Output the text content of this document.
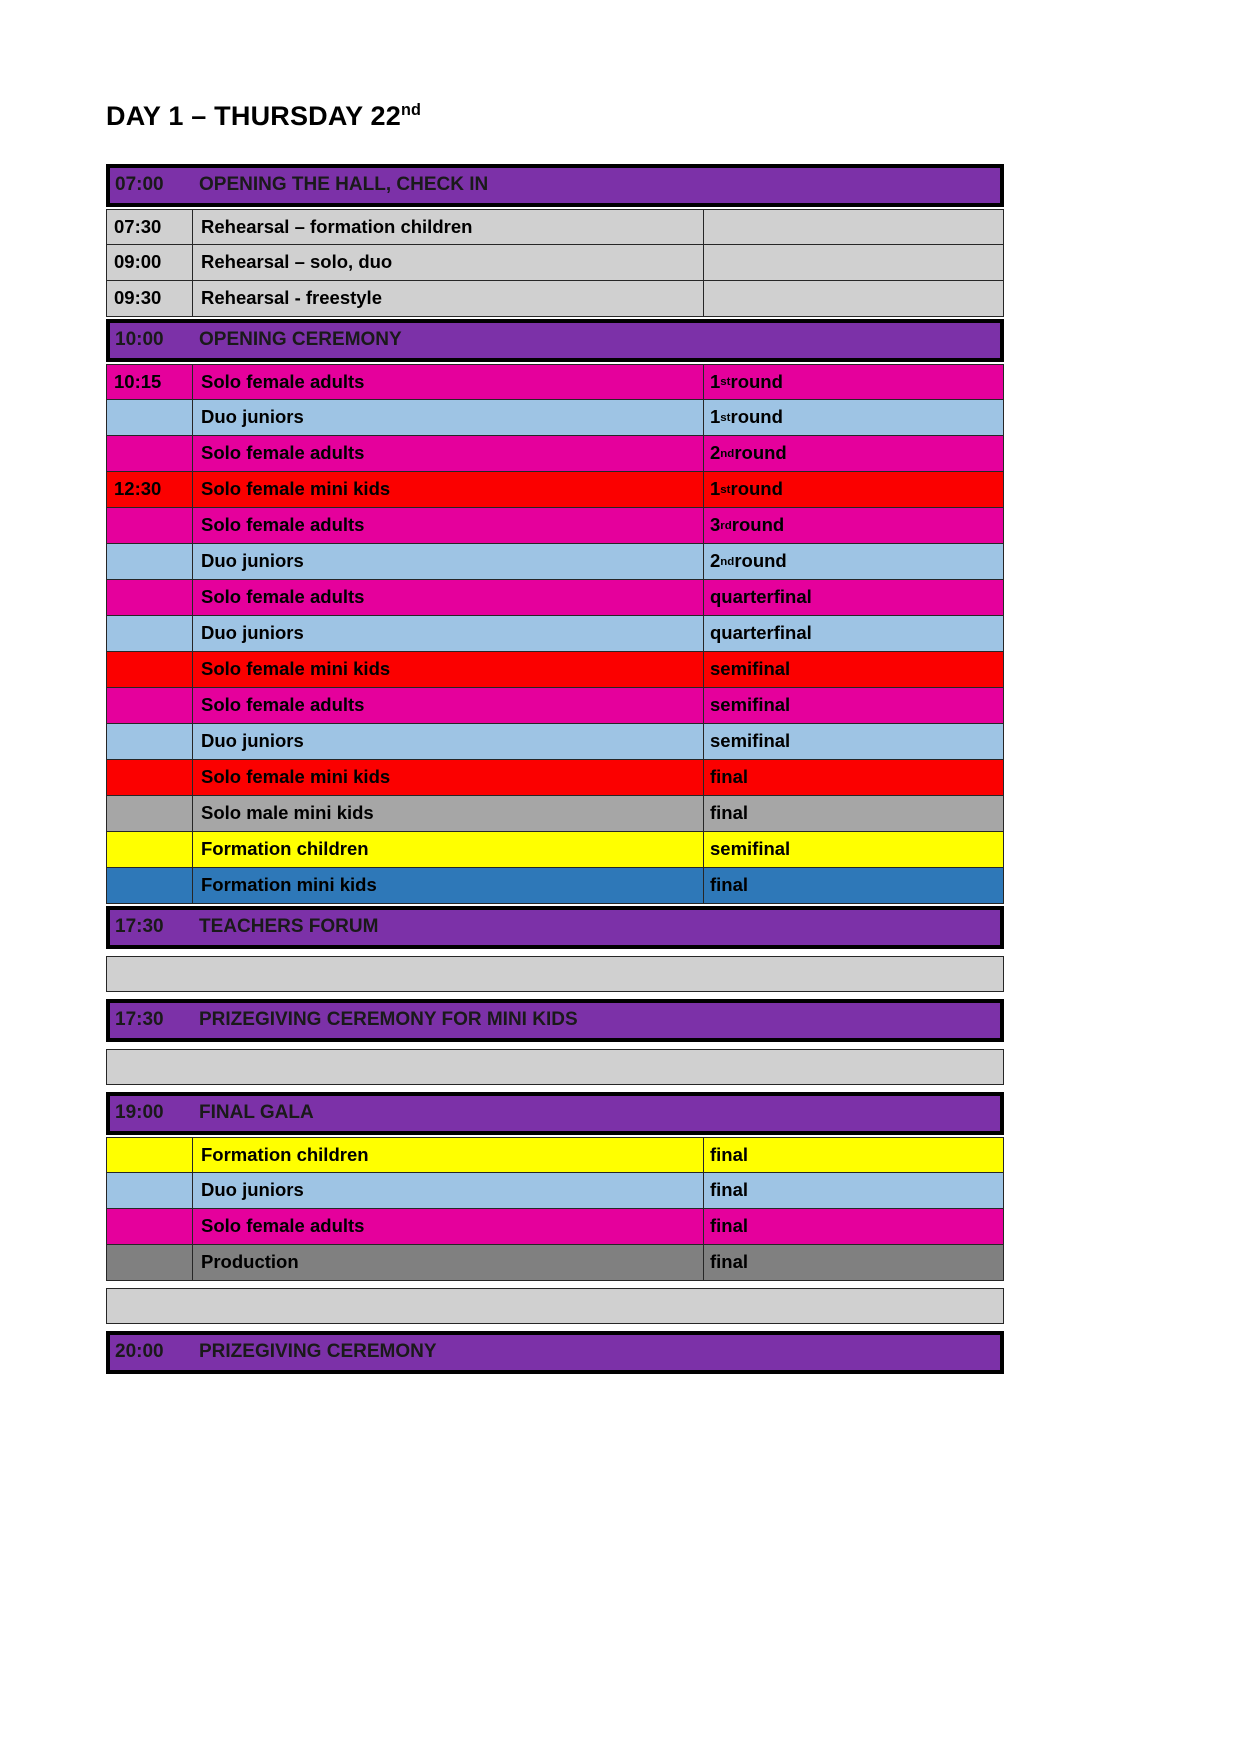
DAY 1 – THURSDAY 22nd
07:00	OPENING THE HALL, CHECK IN
07:30	Rehearsal – formation children
09:00	Rehearsal – solo, duo
09:30	Rehearsal - freestyle
10:00	OPENING CEREMONY
10:15	Solo female adults	1 st round
Duo juniors	1 st round
Solo female adults	2 nd round
12:30	Solo female mini kids	1 st round
Solo female adults	3 rd round
Duo juniors	2 nd round
Solo female adults	quarterfinal
Duo juniors	quarterfinal
Solo female mini kids	semifinal
Solo female adults	semifinal
Duo juniors	semifinal
Solo female mini kids	final
Solo male mini kids	final
Formation children	semifinal
Formation mini kids	final
17:30	TEACHERS FORUM
17:30	PRIZEGIVING CEREMONY FOR MINI KIDS
19:00	FINAL GALA
Formation children	final
Duo juniors	final
Solo female adults	final
Production	final
20:00	PRIZEGIVING CEREMONY
